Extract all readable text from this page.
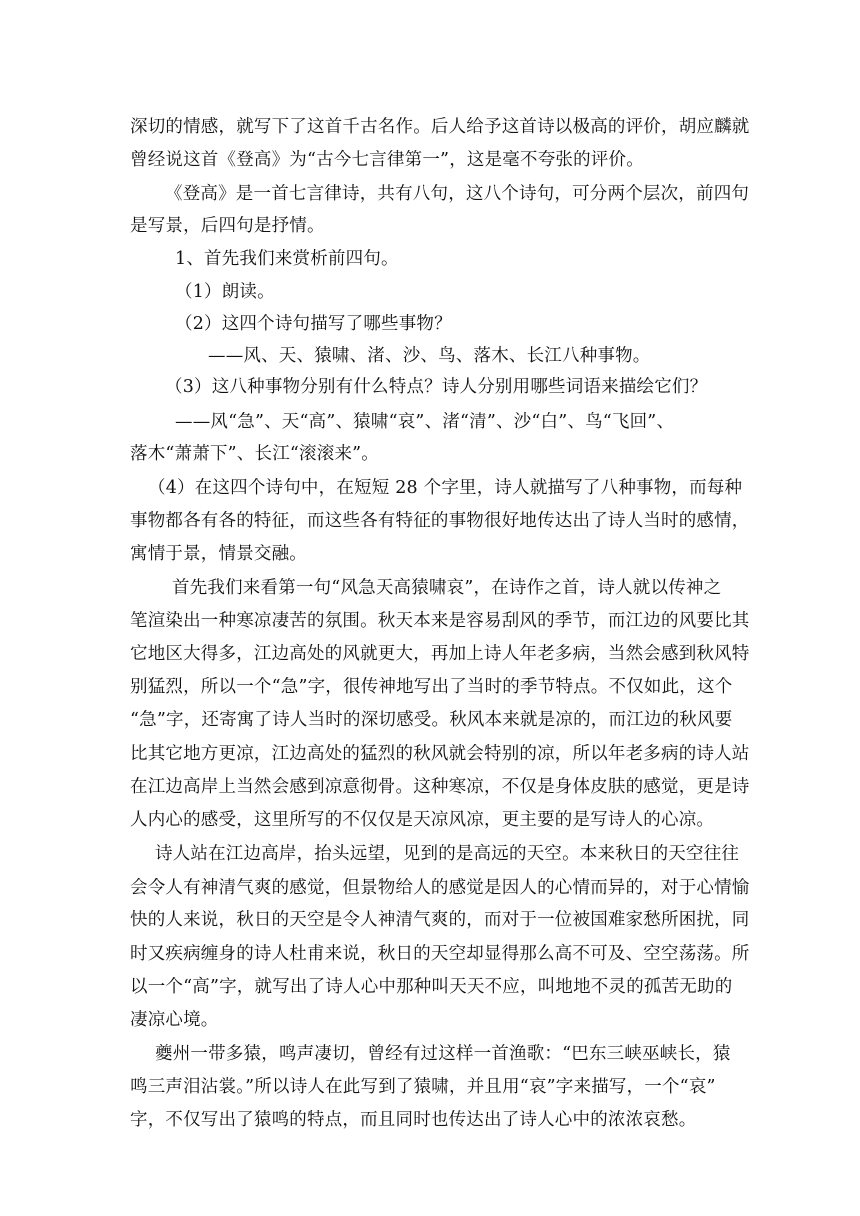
深切的情感，就写下了这首千古名作。后人给予这首诗以极高的评价，胡应麟就
曾经说这首《登高》为“古今七言律第一”，这是毫不夸张的评价。
《登高》是一首七言律诗，共有八句，这八个诗句，可分两个层次，前四句
是写景，后四句是抒情。
1、首先我们来赏析前四句。
（1）朗读。
（2）这四个诗句描写了哪些事物？
——风、天、猿啸、渚、沙、鸟、落木、长江八种事物。
（3）这八种事物分别有什么特点？诗人分别用哪些词语来描绘它们？
——风“急”、天“高”、猿啸“哀”、渚“清”、沙“白”、鸟“飞回”、
落木“萧萧下”、长江“滚滚来”。
（4）在这四个诗句中，在短短 28 个字里，诗人就描写了八种事物，而每种
事物都各有各的特征，而这些各有特征的事物很好地传达出了诗人当时的感情，
寓情于景，情景交融。
首先我们来看第一句“风急天高猿啸哀”，在诗作之首，诗人就以传神之
笔渲染出一种寒凉凄苦的氛围。秋天本来是容易刮风的季节，而江边的风要比其
它地区大得多，江边高处的风就更大，再加上诗人年老多病，当然会感到秋风特
别猛烈，所以一个“急”字，很传神地写出了当时的季节特点。不仅如此，这个
“急”字，还寄寓了诗人当时的深切感受。秋风本来就是凉的，而江边的秋风要
比其它地方更凉，江边高处的猛烈的秋风就会特别的凉，所以年老多病的诗人站
在江边高岸上当然会感到凉意彻骨。这种寒凉，不仅是身体皮肤的感觉，更是诗
人内心的感受，这里所写的不仅仅是天凉风凉，更主要的是写诗人的心凉。
诗人站在江边高岸，抬头远望，见到的是高远的天空。本来秋日的天空往往
会令人有神清气爽的感觉，但景物给人的感觉是因人的心情而异的，对于心情愉
快的人来说，秋日的天空是令人神清气爽的，而对于一位被国难家愁所困扰，同
时又疾病缠身的诗人杜甫来说，秋日的天空却显得那么高不可及、空空荡荡。所
以一个“高”字，就写出了诗人心中那种叫天天不应，叫地地不灵的孤苦无助的
凄凉心境。
夔州一带多猿，鸣声凄切，曾经有过这样一首渔歌：“巴东三峡巫峡长，猿
鸣三声泪沾裳。”所以诗人在此写到了猿啸，并且用“哀”字来描写，一个“哀”
字，不仅写出了猿鸣的特点，而且同时也传达出了诗人心中的浓浓哀愁。
